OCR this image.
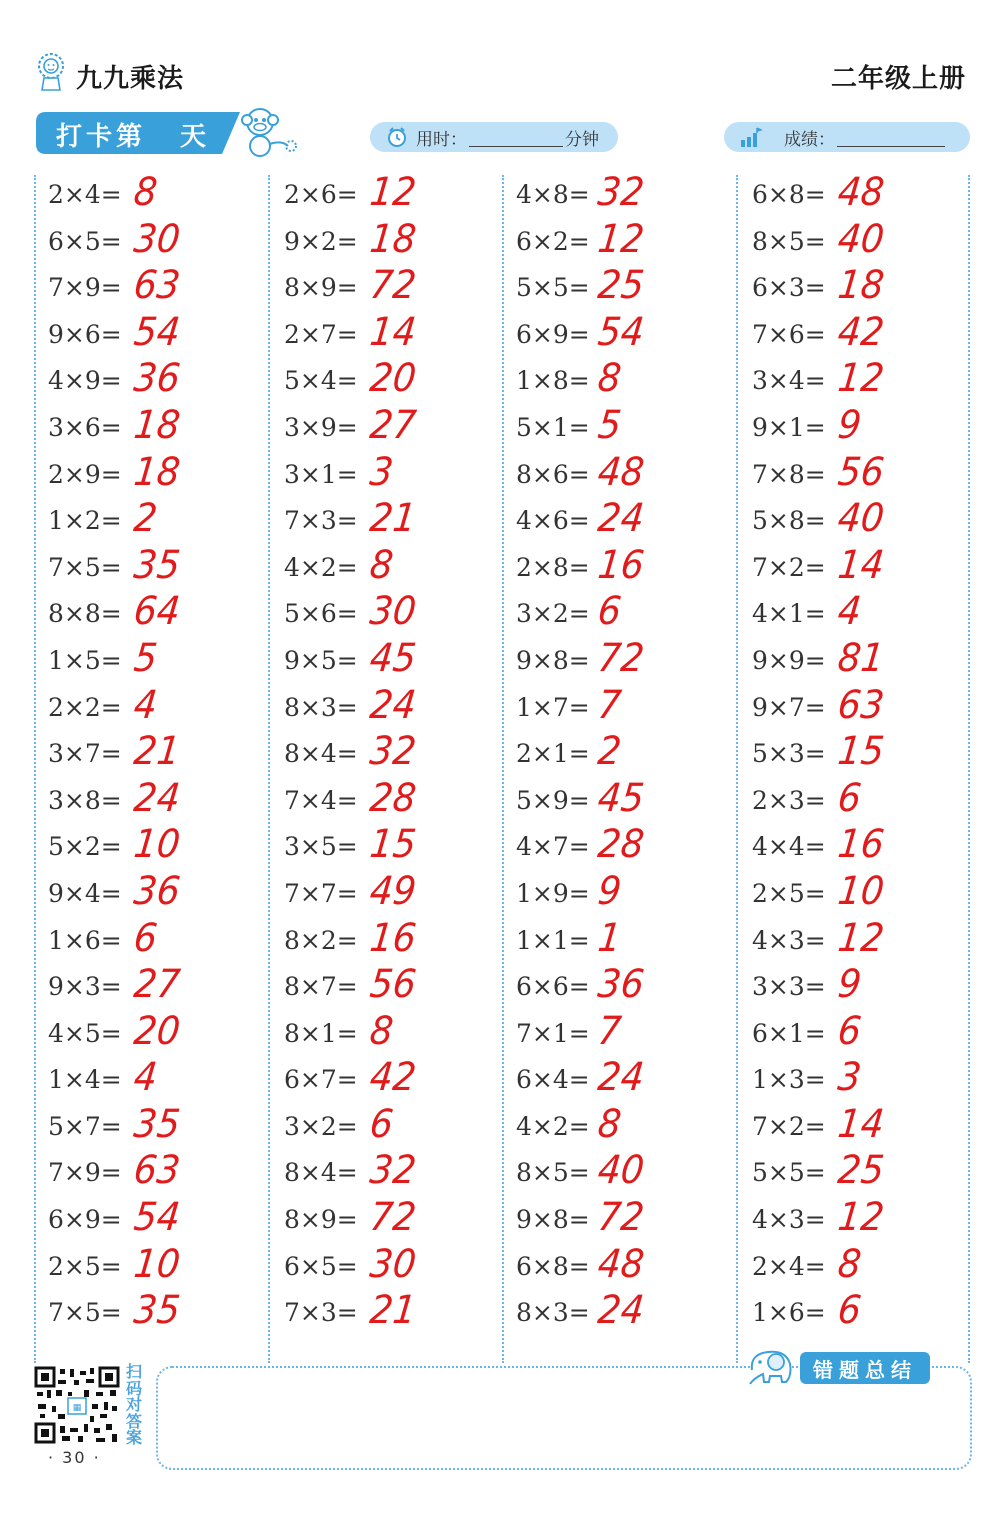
九九乘法	二年级上册
打卡第 天	用时：	分钟	成绩：
2×4= 8
6×5= 30
7×9= 63
9×6= 54
4×9= 36
3×6= 18
2×9= 18
1×2= 2
7×5= 35
8×8= 64
1×5= 5
2×2= 4
3×7= 21
3×8= 24
5×2= 10
9×4= 36
1×6= 6
9×3= 27
4×5= 20
1×4= 4
5×7= 35
7×9= 63
6×9= 54
2×5= 10
7×5= 35
2×6= 12
9×2= 18
8×9= 72
2×7= 14
5×4= 20
3×9= 27
3×1= 3
7×3= 21
4×2= 8
5×6= 30
9×5= 45
8×3= 24
8×4= 32
7×4= 28
3×5= 15
7×7= 49
8×2= 16
8×7= 56
8×1= 8
6×7= 42
3×2= 6
8×4= 32
8×9= 72
6×5= 30
7×3= 21
4×8= 32
6×2= 12
5×5= 25
6×9= 54
1×8= 8
5×1= 5
8×6= 48
4×6= 24
2×8= 16
3×2= 6
9×8= 72
1×7= 7
2×1= 2
5×9= 45
4×7= 28
1×9= 9
1×1= 1
6×6= 36
7×1= 7
6×4= 24
4×2= 8
8×5= 40
9×8= 72
6×8= 48
8×3= 24
6×8= 48
8×5= 40
6×3= 18
7×6= 42
3×4= 12
9×1= 9
7×8= 56
5×8= 40
7×2= 14
4×1= 4
9×9= 81
9×7= 63
5×3= 15
2×3= 6
4×4= 16
2×5= 10
4×3= 12
3×3= 9
6×1= 6
1×3= 3
7×2= 14
5×5= 25
4×3= 12
2×4= 8
1×6= 6
▦
扫
码
对
答
案
· 30 ·
错题总结
